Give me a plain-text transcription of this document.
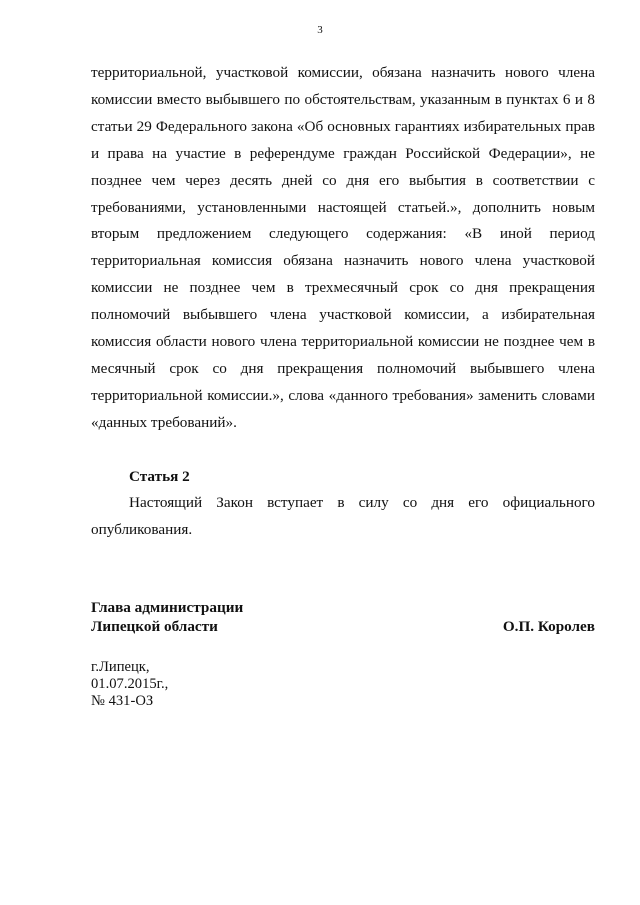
3

территориальной, участковой комиссии, обязана назначить нового члена комиссии вместо выбывшего по обстоятельствам, указанным в пунктах 6 и 8 статьи 29 Федерального закона «Об основных гарантиях избирательных прав и права на участие в референдуме граждан Российской Федерации», не позднее чем через десять дней со дня его выбытия в соответствии с требованиями, установленными настоящей статьей.», дополнить новым вторым предложением следующего содержания: «В иной период территориальная комиссия обязана назначить нового члена участковой комиссии не позднее чем в трехмесячный срок со дня прекращения полномочий выбывшего члена участковой комиссии, а избирательная комиссия области нового члена территориальной комиссии не позднее чем в месячный срок со дня прекращения полномочий выбывшего члена территориальной комиссии.», слова «данного требования» заменить словами «данных требований».

Статья 2

Настоящий Закон вступает в силу со дня его официального опубликования.

Глава администрации
Липецкой области	О.П. Королев
г.Липецк,
01.07.2015г.,
№ 431-ОЗ
